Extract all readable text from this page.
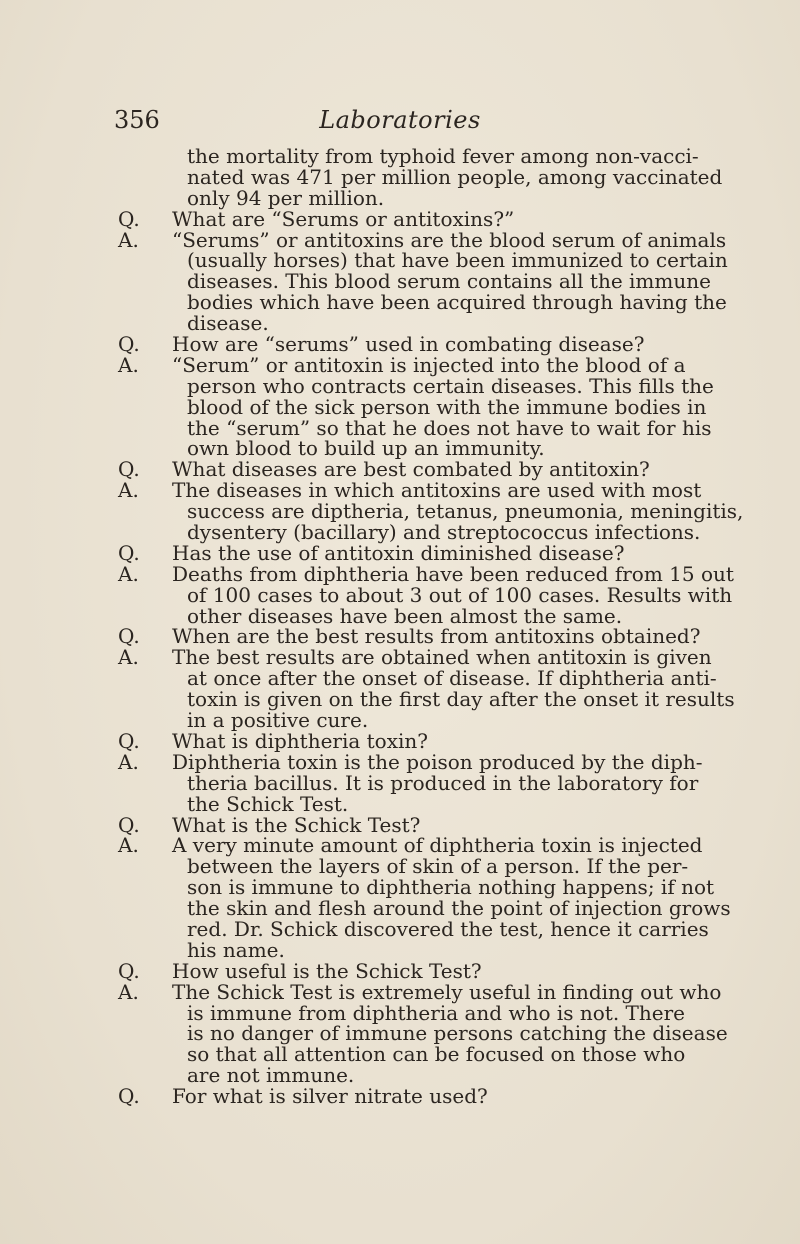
356	Laboratories
the mortality from typhoid fever among non-vacci-
nated was 471 per million people, among vaccinated
only 94 per million.
Q. What are “Serums or antitoxins?”
A. “Serums” or antitoxins are the blood serum of animals
(usually horses) that have been immunized to certain
diseases. This blood serum contains all the immune
bodies which have been acquired through having the
disease.
Q. How are “serums” used in combating disease?
A. “Serum” or antitoxin is injected into the blood of a
person who contracts certain diseases. This fills the
blood of the sick person with the immune bodies in
the “serum” so that he does not have to wait for his
own blood to build up an immunity.
Q. What diseases are best combated by antitoxin?
A. The diseases in which antitoxins are used with most
success are diptheria, tetanus, pneumonia, meningitis,
dysentery (bacillary) and streptococcus infections.
Q. Has the use of antitoxin diminished disease?
A. Deaths from diphtheria have been reduced from 15 out
of 100 cases to about 3 out of 100 cases. Results with
other diseases have been almost the same.
Q. When are the best results from antitoxins obtained?
A. The best results are obtained when antitoxin is given
at once after the onset of disease. If diphtheria anti-
toxin is given on the first day after the onset it results
in a positive cure.
Q. What is diphtheria toxin?
A. Diphtheria toxin is the poison produced by the diph-
theria bacillus. It is produced in the laboratory for
the Schick Test.
Q. What is the Schick Test?
A. A very minute amount of diphtheria toxin is injected
between the layers of skin of a person. If the per-
son is immune to diphtheria nothing happens; if not
the skin and flesh around the point of injection grows
red. Dr. Schick discovered the test, hence it carries
his name.
Q. How useful is the Schick Test?
A. The Schick Test is extremely useful in finding out who
is immune from diphtheria and who is not. There
is no danger of immune persons catching the disease
so that all attention can be focused on those who
are not immune.
Q. For what is silver nitrate used?
